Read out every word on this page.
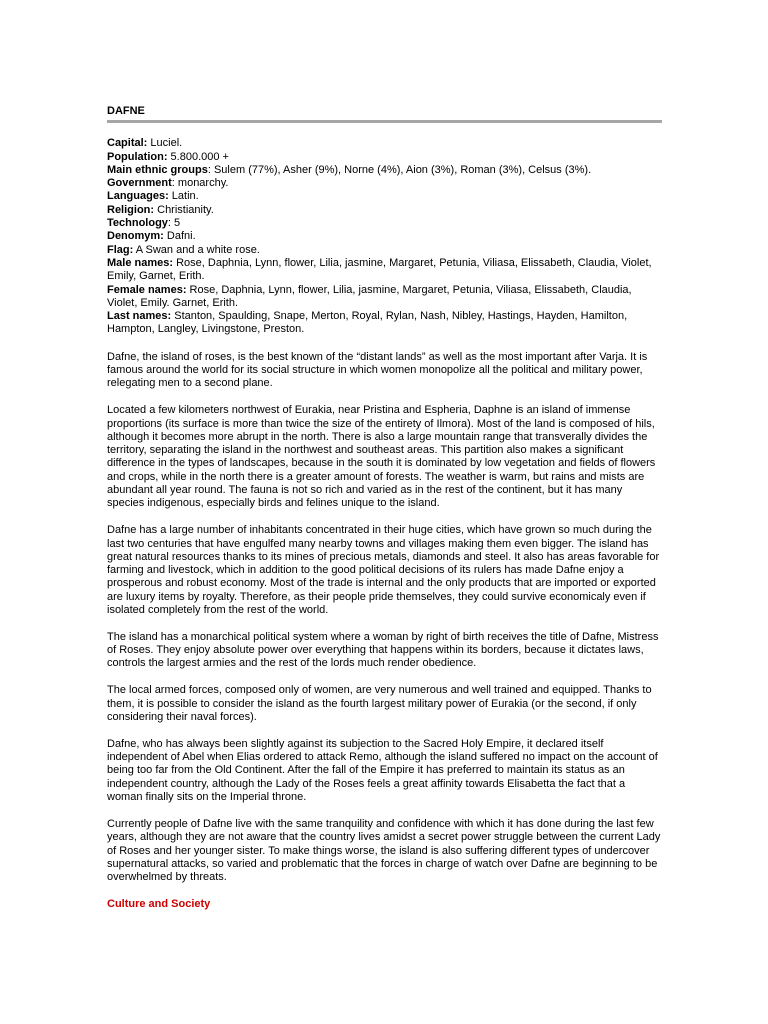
DAFNE
Capital: Luciel.
Population: 5.800.000 +
Main ethnic groups: Sulem (77%), Asher (9%), Norne (4%), Aion (3%), Roman (3%), Celsus (3%).
Government: monarchy.
Languages: Latin.
Religion: Christianity.
Technology: 5
Denomym: Dafni.
Flag: A Swan and a white rose.
Male names: Rose, Daphnia, Lynn, flower, Lilia, jasmine, Margaret, Petunia, Viliasa, Elissabeth, Claudia, Violet, Emily, Garnet, Erith.
Female names: Rose, Daphnia, Lynn, flower, Lilia, jasmine, Margaret, Petunia, Viliasa, Elissabeth, Claudia, Violet, Emily. Garnet, Erith.
Last names: Stanton, Spaulding, Snape, Merton, Royal, Rylan, Nash, Nibley, Hastings, Hayden, Hamilton, Hampton, Langley, Livingstone, Preston.

Dafne, the island of roses, is the best known of the “distant lands” as well as the most important after Varja. It is famous around the world for its social structure in which women monopolize all the political and military power, relegating men to a second plane.

Located a few kilometers northwest of Eurakia, near Pristina and Espheria, Daphne is an island of immense proportions (its surface is more than twice the size of the entirety of Ilmora). Most of the land is composed of hils, although it becomes more abrupt in the north. There is also a large mountain range that transverally divides the territory, separating the island in the northwest and southeast areas. This partition also makes a significant difference in the types of landscapes, because in the south it is dominated by low vegetation and fields of flowers and crops, while in the north there is a greater amount of forests. The weather is warm, but rains and mists are abundant all year round. The fauna is not so rich and varied as in the rest of the continent, but it has many species indigenous, especially birds and felines unique to the island.

Dafne has a large number of inhabitants concentrated in their huge cities, which have grown so much during the last two centuries that have engulfed many nearby towns and villages making them even bigger. The island has great natural resources thanks to its mines of precious metals, diamonds and steel. It also has areas favorable for farming and livestock, which in addition to the good political decisions of its rulers has made Dafne enjoy a prosperous and robust economy. Most of the trade is internal and the only products that are imported or exported are luxury items by royalty. Therefore, as their people pride themselves, they could survive economicaly even if isolated completely from the rest of the world.

The island has a monarchical political system where a woman by right of birth receives the title of Dafne, Mistress of Roses. They enjoy absolute power over everything that happens within its borders, because it dictates laws, controls the largest armies and the rest of the lords much render obedience.

The local armed forces, composed only of women, are very numerous and well trained and equipped. Thanks to them, it is possible to consider the island as the fourth largest military power of Eurakia (or the second, if only considering their naval forces).

Dafne, who has always been slightly against its subjection to the Sacred Holy Empire, it declared itself independent of Abel when Elias ordered to attack Remo, although the island suffered no impact on the account of being too far from the Old Continent. After the fall of the Empire it has preferred to maintain its status as an independent country, although the Lady of the Roses feels a great affinity towards Elisabetta the fact that a woman finally sits on the Imperial throne.

Currently people of Dafne live with the same tranquility and confidence with which it has done during the last few years, although they are not aware that the country lives amidst a secret power struggle between the current Lady of Roses and her younger sister. To make things worse, the island is also suffering different types of undercover supernatural attacks, so varied and problematic that the forces in charge of watch over Dafne are beginning to be overwhelmed by threats.

Culture and Society
